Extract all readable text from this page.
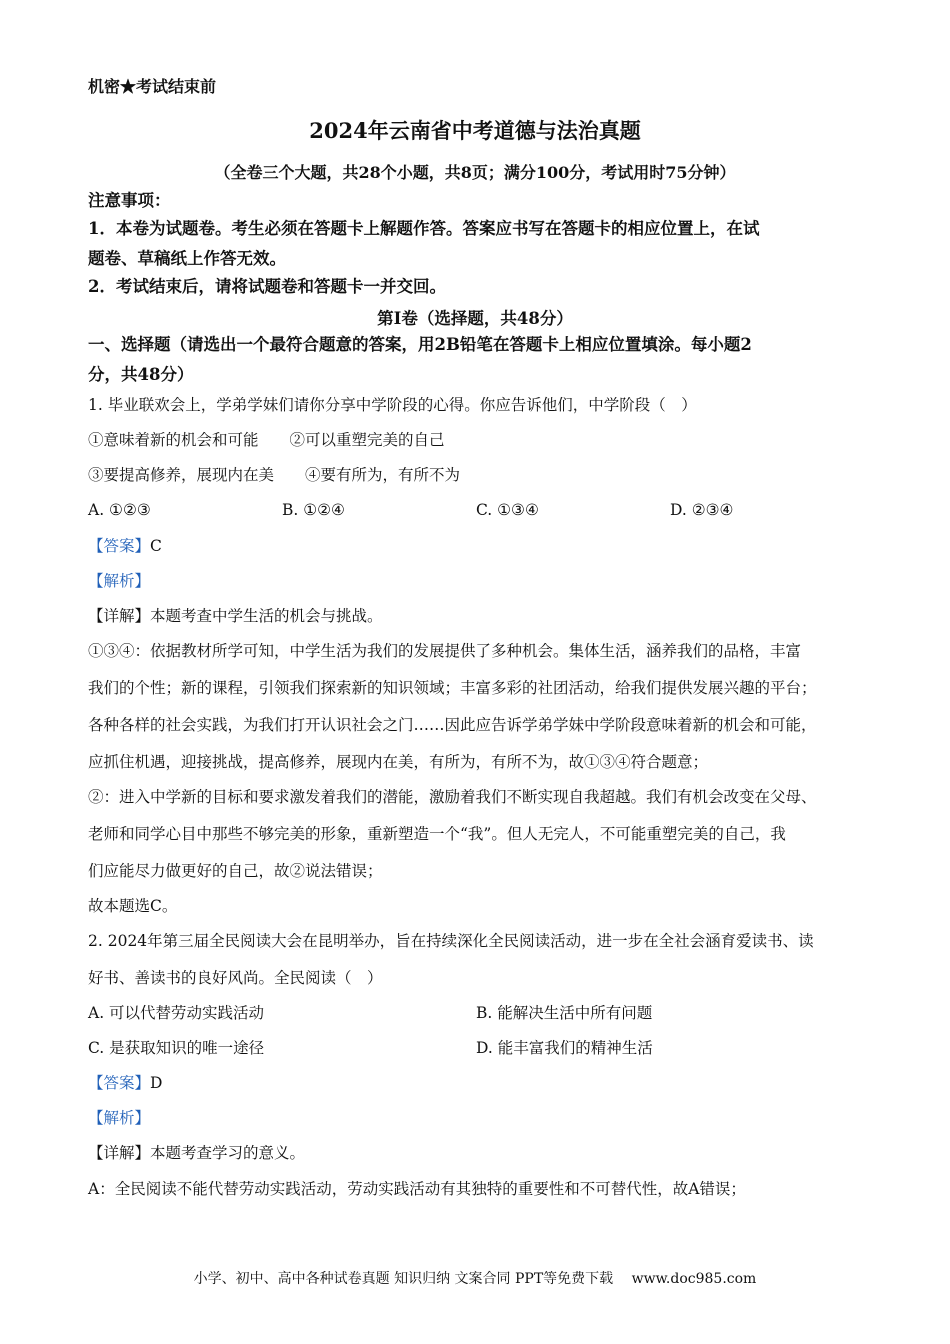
机密★考试结束前
2024年云南省中考道德与法治真题
（全卷三个大题，共28个小题，共8页；满分100分，考试用时75分钟）
注意事项：
1．本卷为试题卷。考生必须在答题卡上解题作答。答案应书写在答题卡的相应位置上，在试
题卷、草稿纸上作答无效。
2．考试结束后，请将试题卷和答题卡一并交回。
第Ⅰ卷（选择题，共48分）
一、选择题（请选出一个最符合题意的答案，用2B铅笔在答题卡上相应位置填涂。每小题2
分，共48分）
1. 毕业联欢会上，学弟学妹们请你分享中学阶段的心得。你应告诉他们，中学阶段（　）
①意味着新的机会和可能　　②可以重塑完美的自己
③要提高修养，展现内在美　　④要有所为，有所不为
A. ①②③	B. ①②④	C. ①③④	D. ②③④
【答案】C
【解析】
【详解】本题考查中学生活的机会与挑战。
①③④：依据教材所学可知，中学生活为我们的发展提供了多种机会。集体生活，涵养我们的品格，丰富
我们的个性；新的课程，引领我们探索新的知识领域；丰富多彩的社团活动，给我们提供发展兴趣的平台；
各种各样的社会实践，为我们打开认识社会之门……因此应告诉学弟学妹中学阶段意味着新的机会和可能，
应抓住机遇，迎接挑战，提高修养，展现内在美，有所为，有所不为，故①③④符合题意；
②：进入中学新的目标和要求激发着我们的潜能，激励着我们不断实现自我超越。我们有机会改变在父母、
老师和同学心目中那些不够完美的形象，重新塑造一个“我”。但人无完人，不可能重塑完美的自己，我
们应能尽力做更好的自己，故②说法错误；
故本题选C。
2. 2024年第三届全民阅读大会在昆明举办，旨在持续深化全民阅读活动，进一步在全社会涵育爱读书、读
好书、善读书的良好风尚。全民阅读（　）
A. 可以代替劳动实践活动	B. 能解决生活中所有问题
C. 是获取知识的唯一途径	D. 能丰富我们的精神生活
【答案】D
【解析】
【详解】本题考查学习的意义。
A：全民阅读不能代替劳动实践活动，劳动实践活动有其独特的重要性和不可替代性，故A错误；
小学、初中、高中各种试卷真题 知识归纳 文案合同 PPT等免费下载　 www.doc985.com
